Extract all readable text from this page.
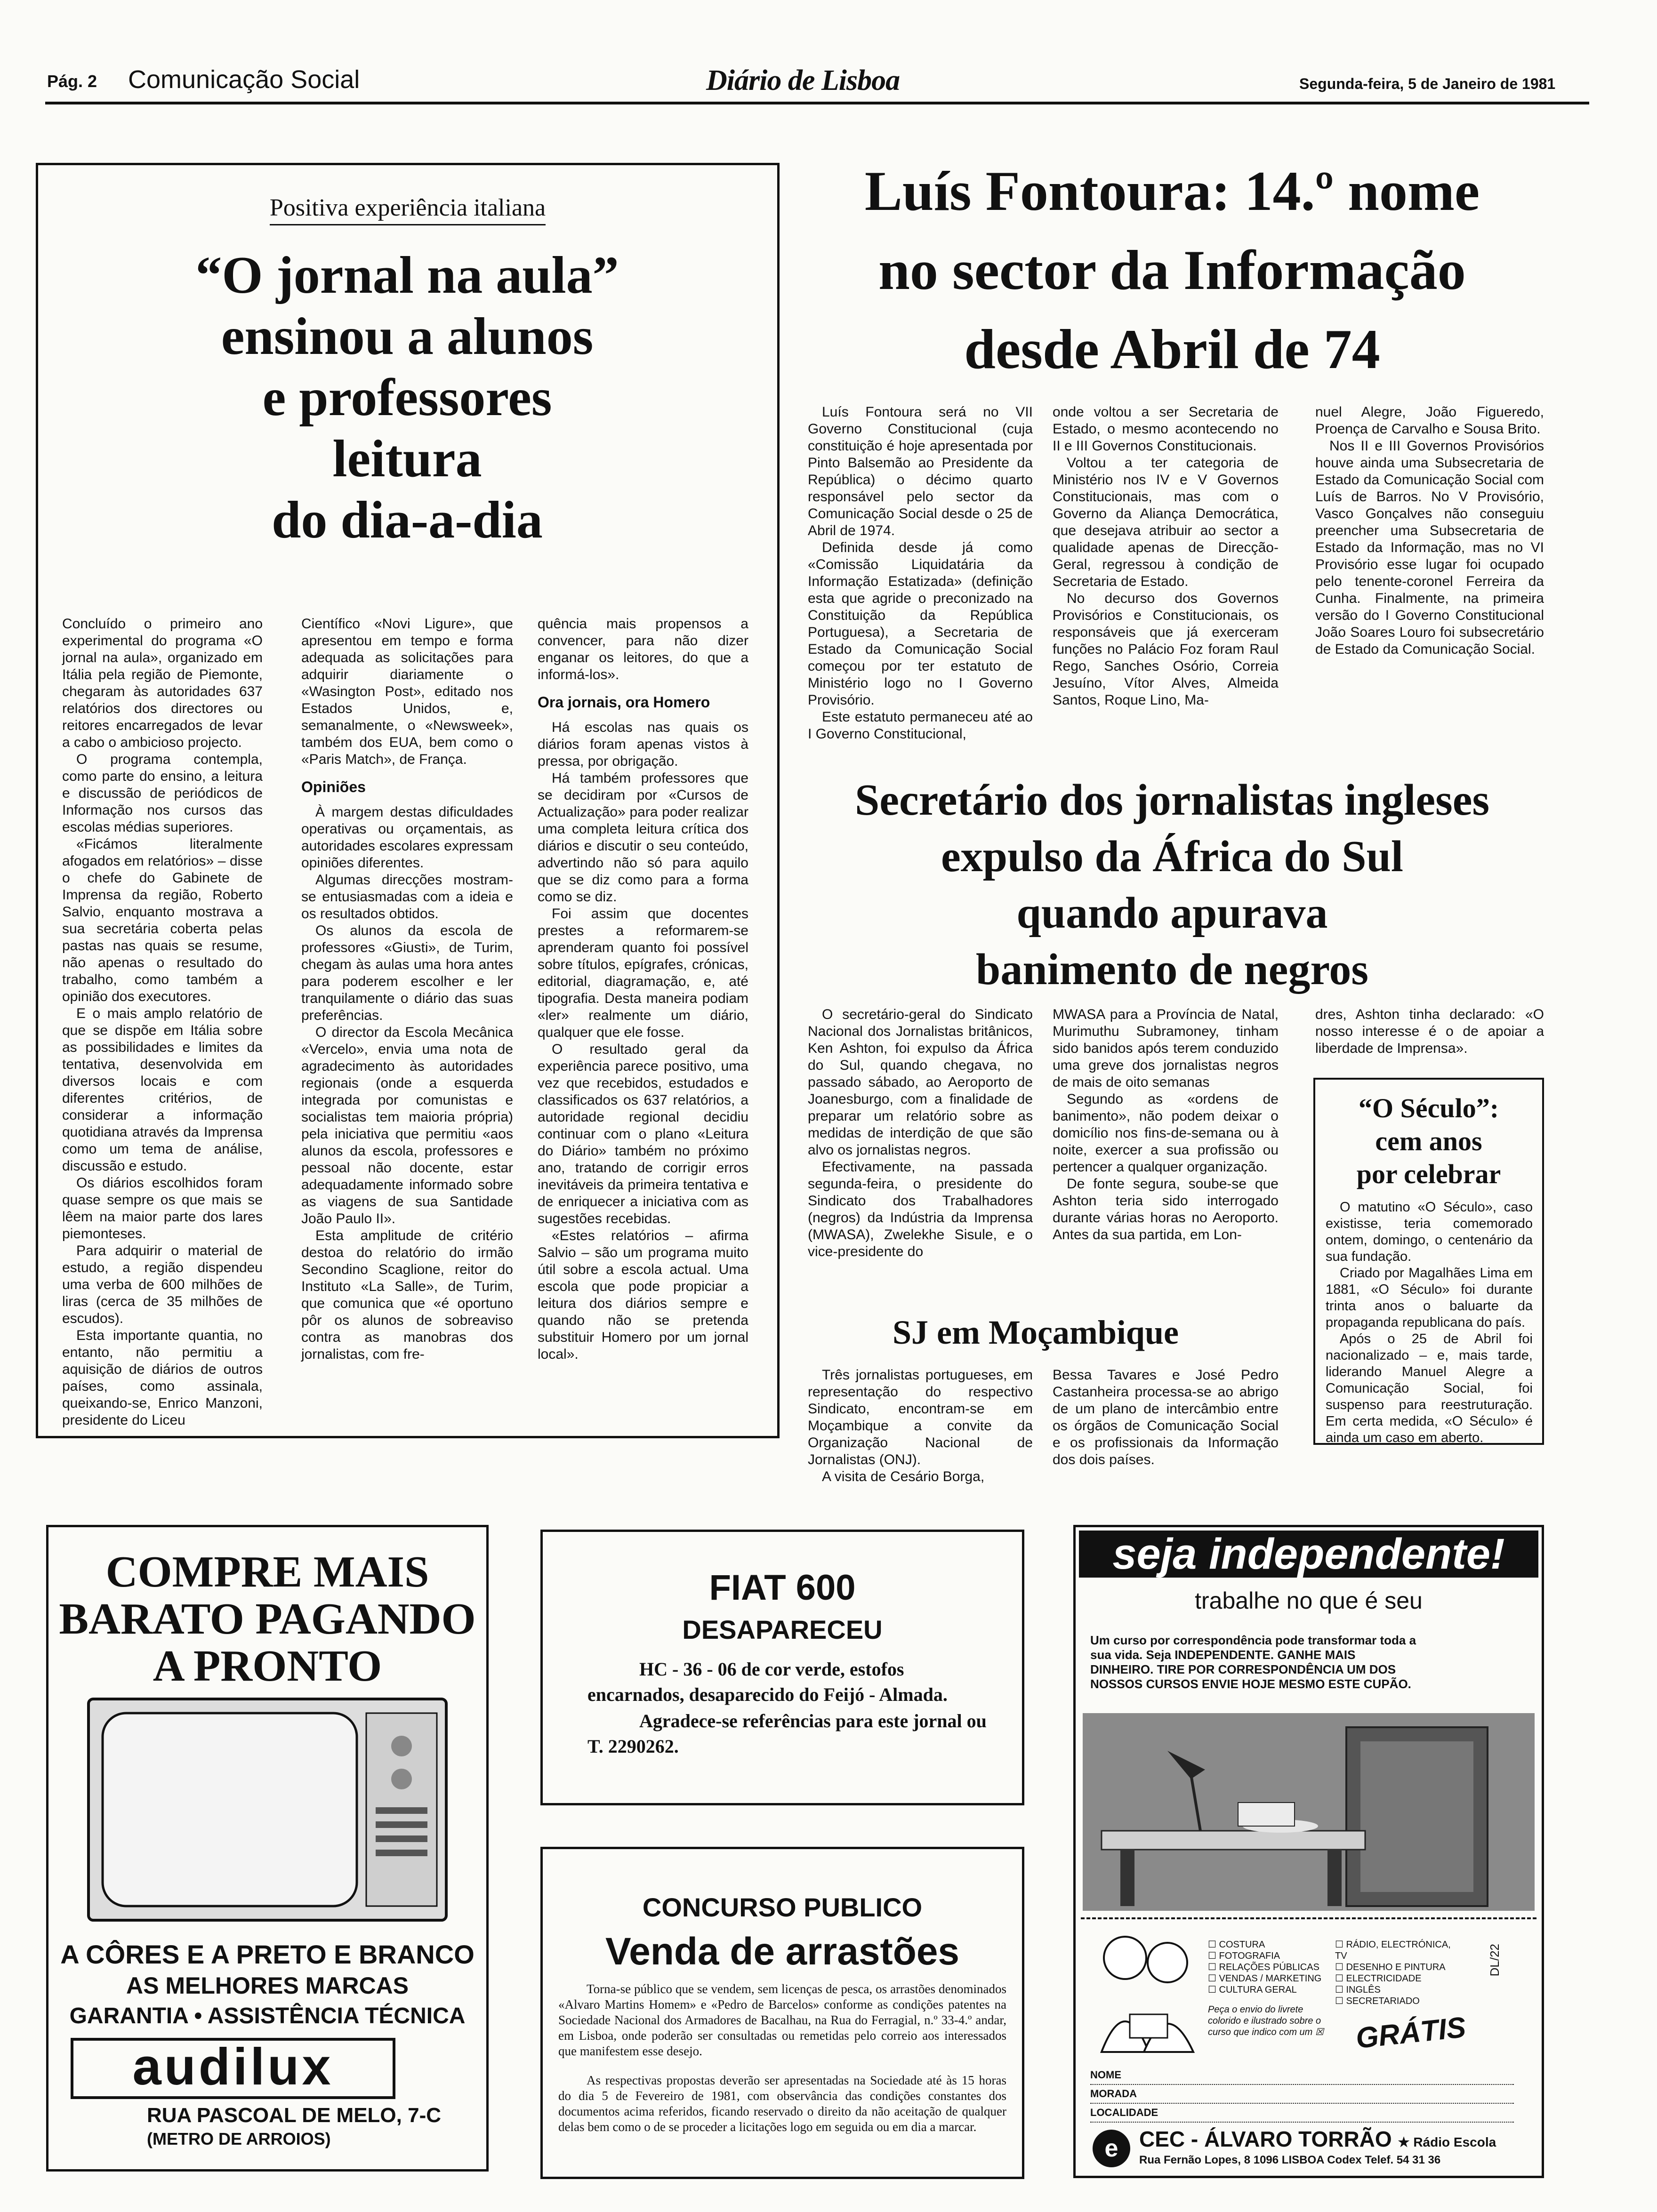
Pág. 2 Comunicação Social	Diário de Lisboa	Segunda-feira, 5 de Janeiro de 1981
Positiva experiência italiana

“O jornal na aula”

ensinou a alunos

e professores

leitura

do dia-a-dia

Concluído o primeiro ano experimental do programa «O jornal na aula», organizado em Itália pela região de Piemonte, chegaram às autoridades 637 relatórios dos directores ou reitores encarregados de levar a cabo o ambicioso projecto.

O programa contempla, como parte do ensino, a leitura e discussão de periódicos de Informação nos cursos das escolas médias superiores.

«Ficámos literalmente afogados em relatórios» – disse o chefe do Gabinete de Imprensa da região, Roberto Salvio, enquanto mostrava a sua secretária coberta pelas pastas nas quais se resume, não apenas o resultado do trabalho, como também a opinião dos executores.

E o mais amplo relatório de que se dispõe em Itália sobre as possibilidades e limites da tentativa, desenvolvida em diversos locais e com diferentes critérios, de considerar a informação quotidiana através da Imprensa como um tema de análise, discussão e estudo.

Os diários escolhidos foram quase sempre os que mais se lêem na maior parte dos lares piemonteses.

Para adquirir o material de estudo, a região dispendeu uma verba de 600 milhões de liras (cerca de 35 milhões de escudos).

Esta importante quantia, no entanto, não permitiu a aquisição de diários de outros países, como assinala, queixando-se, Enrico Manzoni, presidente do Liceu

Científico «Novi Ligure», que apresentou em tempo e forma adequada as solicitações para adquirir diariamente o «Wasington Post», editado nos Estados Unidos, e, semanalmente, o «Newsweek», também dos EUA, bem como o «Paris Match», de França.

Opiniões

À margem destas dificuldades operativas ou orçamentais, as autoridades escolares expressam opiniões diferentes.

Algumas direcções mostram-se entusiasmadas com a ideia e os resultados obtidos.

Os alunos da escola de professores «Giusti», de Turim, chegam às aulas uma hora antes para poderem escolher e ler tranquilamente o diário das suas preferências.

O director da Escola Mecânica «Vercelo», envia uma nota de agradecimento às autoridades regionais (onde a esquerda integrada por comunistas e socialistas tem maioria própria) pela iniciativa que permitiu «aos alunos da escola, professores e pessoal não docente, estar adequadamente informado sobre as viagens de sua Santidade João Paulo II».

Esta amplitude de critério destoa do relatório do irmão Secondino Scaglione, reitor do Instituto «La Salle», de Turim, que comunica que «é oportuno pôr os alunos de sobreaviso contra as manobras dos jornalistas, com fre-

quência mais propensos a convencer, para não dizer enganar os leitores, do que a informá-los».

Ora jornais, ora Homero

Há escolas nas quais os diários foram apenas vistos à pressa, por obrigação.

Há também professores que se decidiram por «Cursos de Actualização» para poder realizar uma completa leitura crítica dos diários e discutir o seu conteúdo, advertindo não só para aquilo que se diz como para a forma como se diz.

Foi assim que docentes prestes a reformarem-se aprenderam quanto foi possível sobre títulos, epígrafes, crónicas, editorial, diagramação, e, até tipografia. Desta maneira podiam «ler» realmente um diário, qualquer que ele fosse.

O resultado geral da experiência parece positivo, uma vez que recebidos, estudados e classificados os 637 relatórios, a autoridade regional decidiu continuar com o plano «Leitura do Diário» também no próximo ano, tratando de corrigir erros inevitáveis da primeira tentativa e de enriquecer a iniciativa com as sugestões recebidas.

«Estes relatórios – afirma Salvio – são um programa muito útil sobre a escola actual. Uma escola que pode propiciar a leitura dos diários sempre e quando não se pretenda substituir Homero por um jornal local».

Luís Fontoura: 14.º nome

no sector da Informação

desde Abril de 74

Luís Fontoura será no VII Governo Constitucional (cuja constituição é hoje apresentada por Pinto Balsemão ao Presidente da República) o décimo quarto responsável pelo sector da Comunicação Social desde o 25 de Abril de 1974.

Definida desde já como «Comissão Liquidatária da Informação Estatizada» (definição esta que agride o preconizado na Constituição da República Portuguesa), a Secretaria de Estado da Comunicação Social começou por ter estatuto de Ministério logo no I Governo Provisório.

Este estatuto permaneceu até ao I Governo Constitucional,

onde voltou a ser Secretaria de Estado, o mesmo acontecendo no II e III Governos Constitucionais.

Voltou a ter categoria de Ministério nos IV e V Governos Constitucionais, mas com o Governo da Aliança Democrática, que desejava atribuir ao sector a qualidade apenas de Direcção-Geral, regressou à condição de Secretaria de Estado.

No decurso dos Governos Provisórios e Constitucionais, os responsáveis que já exerceram funções no Palácio Foz foram Raul Rego, Sanches Osório, Correia Jesuíno, Vítor Alves, Almeida Santos, Roque Lino, Ma-

nuel Alegre, João Figueredo, Proença de Carvalho e Sousa Brito.

Nos II e III Governos Provisórios houve ainda uma Subsecretaria de Estado da Comunicação Social com Luís de Barros. No V Provisório, Vasco Gonçalves não conseguiu preencher uma Subsecretaria de Estado da Informação, mas no VI Provisório esse lugar foi ocupado pelo tenente-coronel Ferreira da Cunha. Finalmente, na primeira versão do I Governo Constitucional João Soares Louro foi subsecretário de Estado da Comunicação Social.

Secretário dos jornalistas ingleses

expulso da África do Sul

quando apurava

banimento de negros

O secretário-geral do Sindicato Nacional dos Jornalistas britânicos, Ken Ashton, foi expulso da África do Sul, quando chegava, no passado sábado, ao Aeroporto de Joanesburgo, com a finalidade de preparar um relatório sobre as medidas de interdição de que são alvo os jornalistas negros.

Efectivamente, na passada segunda-feira, o presidente do Sindicato dos Trabalhadores (negros) da Indústria da Imprensa (MWASA), Zwelekhe Sisule, e o vice-presidente do

MWASA para a Província de Natal, Murimuthu Subramoney, tinham sido banidos após terem conduzido uma greve dos jornalistas negros de mais de oito semanas

Segundo as «ordens de banimento», não podem deixar o domicílio nos fins-de-semana ou à noite, exercer a sua profissão ou pertencer a qualquer organização.

De fonte segura, soube-se que Ashton teria sido interrogado durante várias horas no Aeroporto. Antes da sua partida, em Lon-

dres, Ashton tinha declarado: «O nosso interesse é o de apoiar a liberdade de Imprensa».

SJ em Moçambique

Três jornalistas portugueses, em representação do respectivo Sindicato, encontram-se em Moçambique a convite da Organização Nacional de Jornalistas (ONJ).

A visita de Cesário Borga,

Bessa Tavares e José Pedro Castanheira processa-se ao abrigo de um plano de intercâmbio entre os órgãos de Comunicação Social e os profissionais da Informação dos dois países.

“O Século”:

cem anos

por celebrar

O matutino «O Século», caso existisse, teria comemorado ontem, domingo, o centenário da sua fundação.

Criado por Magalhães Lima em 1881, «O Século» foi durante trinta anos o baluarte da propaganda republicana do país.

Após o 25 de Abril foi nacionalizado – e, mais tarde, liderando Manuel Alegre a Comunicação Social, foi suspenso para reestruturação. Em certa medida, «O Século» é ainda um caso em aberto.

COMPRE MAIS

BARATO PAGANDO

A PRONTO

A CÔRES E A PRETO E BRANCO
AS MELHORES MARCAS
GARANTIA • ASSISTÊNCIA TÉCNICA
audilux
RUA PASCOAL DE MELO, 7-C
(METRO DE ARROIOS)
FIAT 600
DESAPARECEU
HC - 36 - 06 de cor verde, estofos encarnados, desaparecido do Feijó - Almada.
Agradece-se referências para este jornal ou T. 2290262.
CONCURSO PUBLICO
Venda de arrastões
Torna-se público que se vendem, sem licenças de pesca, os arrastões denominados «Alvaro Martins Homem» e «Pedro de Barcelos» conforme as condições patentes na Sociedade Nacional dos Armadores de Bacalhau, na Rua do Ferragial, n.º 33-4.º andar, em Lisboa, onde poderão ser consultadas ou remetidas pelo correio aos interessados que manifestem esse desejo.
As respectivas propostas deverão ser apresentadas na Sociedade até às 15 horas do dia 5 de Fevereiro de 1981, com observância das condições constantes dos documentos acima referidos, ficando reservado o direito da não aceitação de qualquer delas bem como o de se proceder a licitações logo em seguida ou em dia a marcar.
seja independente!
trabalhe no que é seu
Um curso por correspondência pode transformar toda a sua vida. Seja INDEPENDENTE. GANHE MAIS DINHEIRO. TIRE POR CORRESPONDÊNCIA UM DOS NOSSOS CURSOS ENVIE HOJE MESMO ESTE CUPÃO.
☐ COSTURA
☐ FOTOGRAFIA
☐ RELAÇÕES PÚBLICAS
☐ VENDAS / MARKETING
☐ CULTURA GERAL
☐ RÁDIO, ELECTRÓNICA, TV
☐ DESENHO E PINTURA
☐ ELECTRICIDADE
☐ INGLÊS
☐ SECRETARIADO
DL/22
Peça o envio do livrete colorido e ilustrado sobre o curso que indico com um ☒ GRÁTIS
NOME
MORADA
LOCALIDADE
e CEC - ÁLVARO TORRÃO ★ Rádio Escola
Rua Fernão Lopes, 8 1096 LISBOA Codex Telef. 54 31 36
